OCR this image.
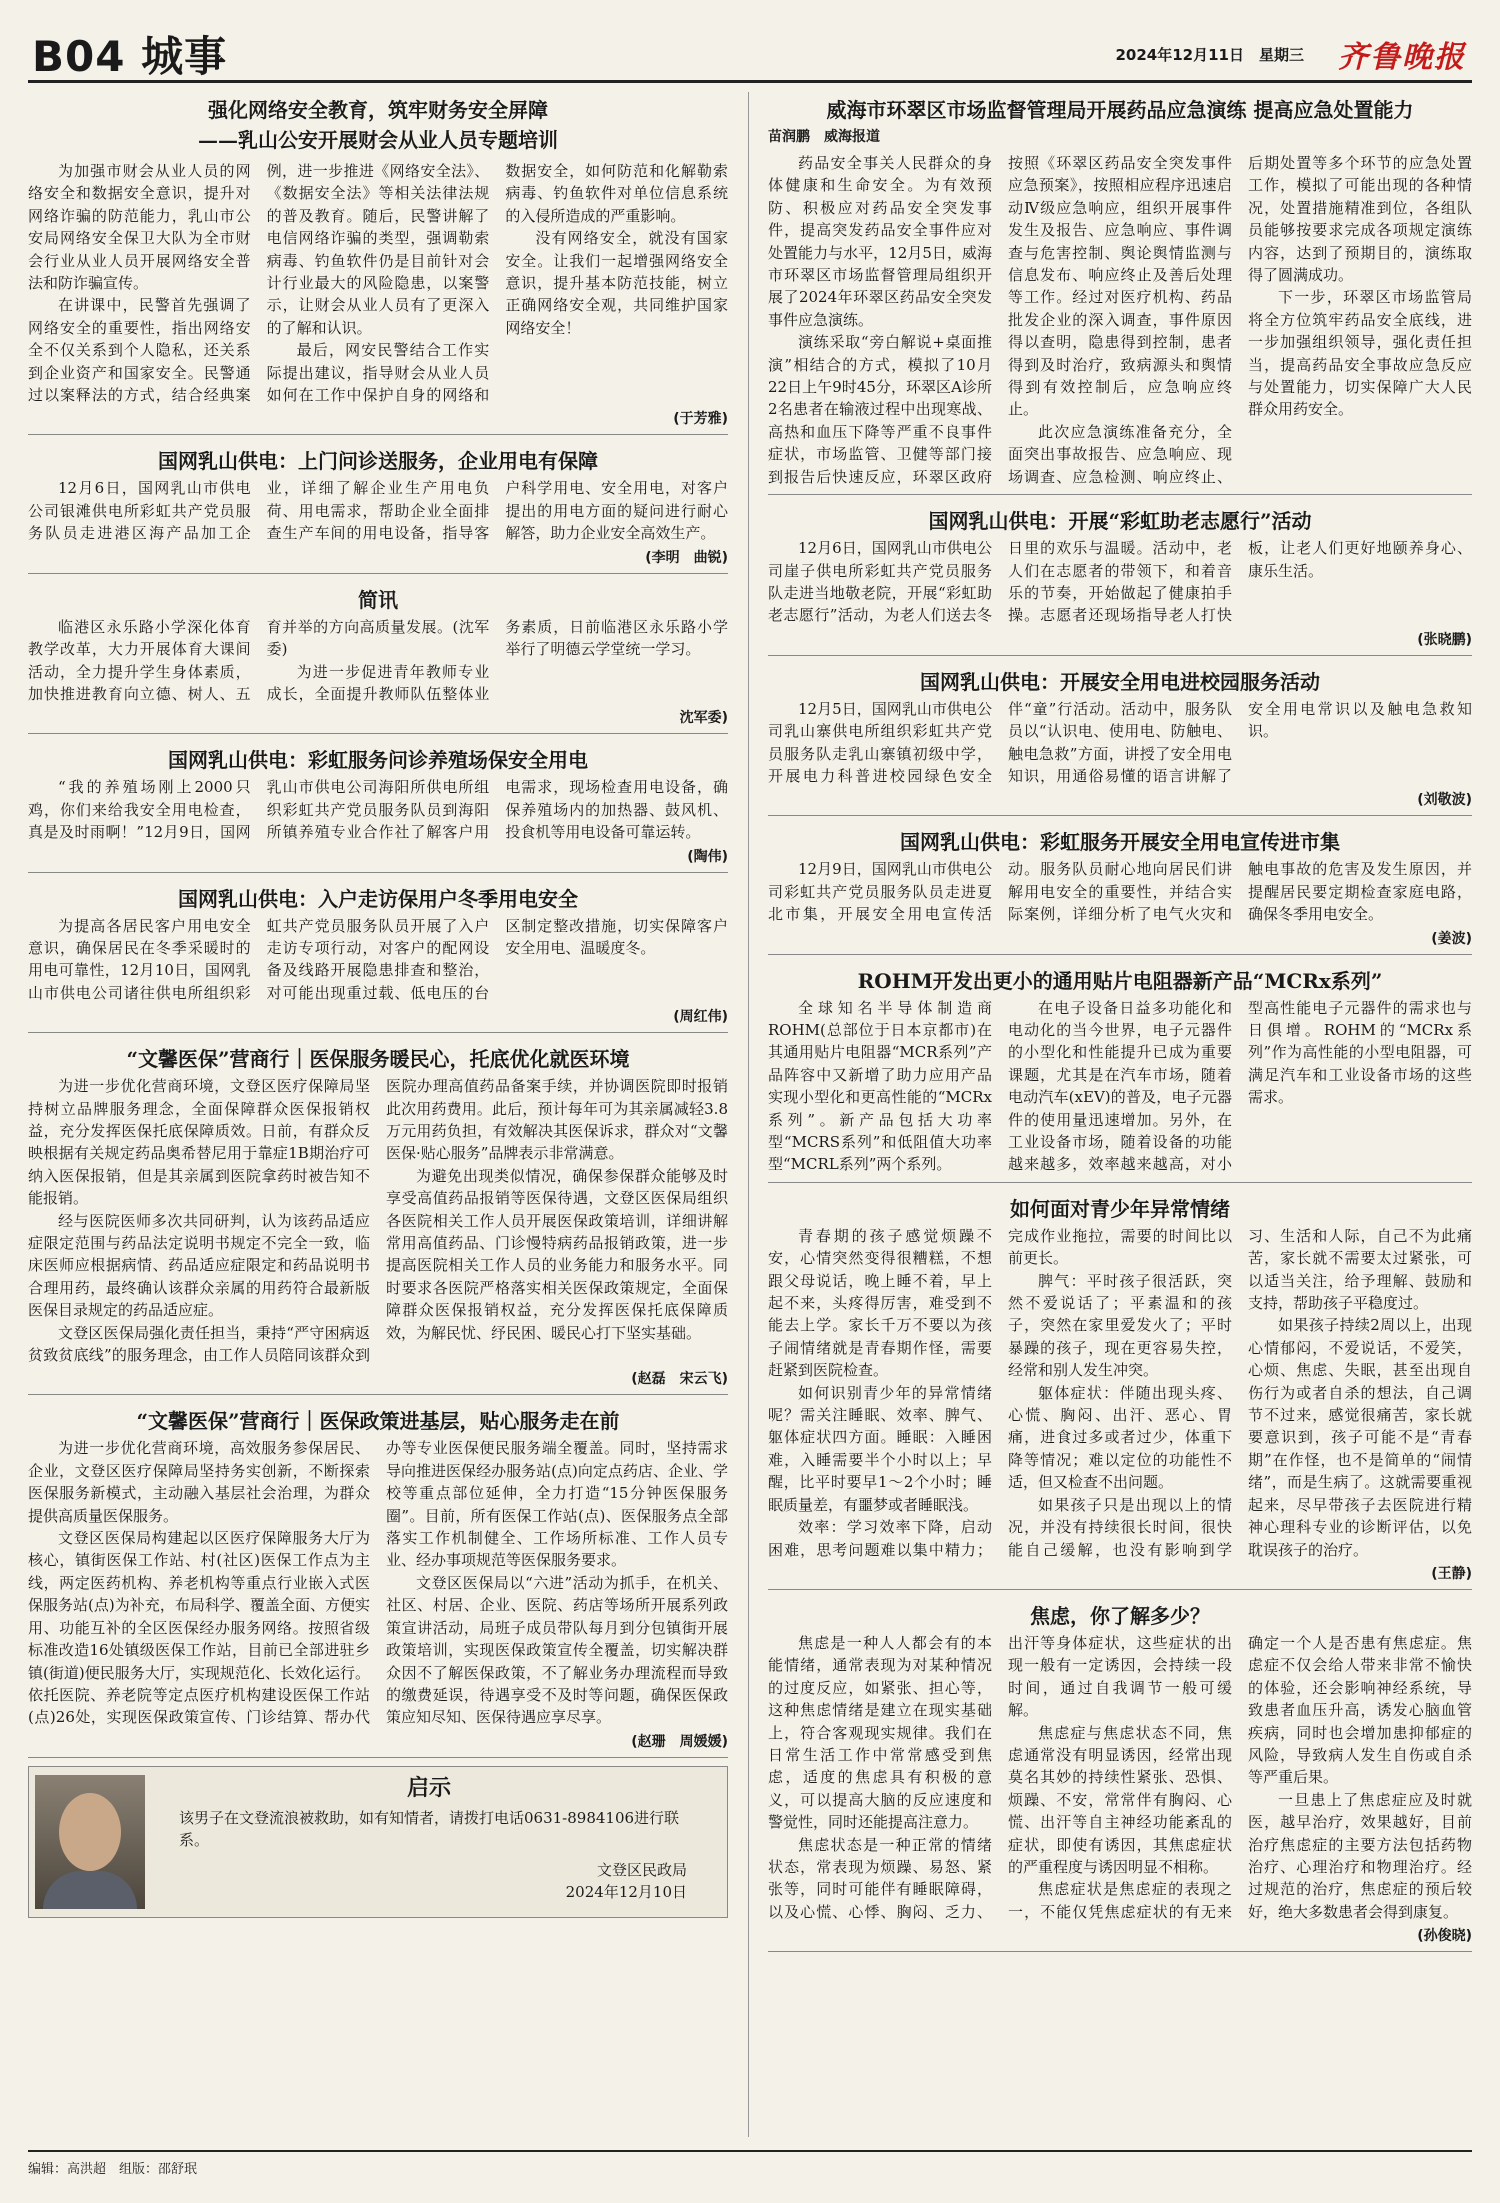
B04 城事	2024年12月11日　星期三 齐鲁晚报
强化网络安全教育，筑牢财务安全屏障
——乳山公安开展财会从业人员专题培训

为加强市财会从业人员的网络安全和数据安全意识，提升对网络诈骗的防范能力，乳山市公安局网络安全保卫大队为全市财会行业从业人员开展网络安全普法和防诈骗宣传。

在讲课中，民警首先强调了网络安全的重要性，指出网络安全不仅关系到个人隐私，还关系到企业资产和国家安全。民警通过以案释法的方式，结合经典案例，进一步推进《网络安全法》、《数据安全法》等相关法律法规的普及教育。随后，民警讲解了电信网络诈骗的类型，强调勒索病毒、钓鱼软件仍是目前针对会计行业最大的风险隐患，以案警示，让财会从业人员有了更深入的了解和认识。

最后，网安民警结合工作实际提出建议，指导财会从业人员如何在工作中保护自身的网络和数据安全，如何防范和化解勒索病毒、钓鱼软件对单位信息系统的入侵所造成的严重影响。

没有网络安全，就没有国家安全。让我们一起增强网络安全意识，提升基本防范技能，树立正确网络安全观，共同维护国家网络安全！

(于芳雅)
国网乳山供电：上门问诊送服务，企业用电有保障

12月6日，国网乳山市供电公司银滩供电所彩虹共产党员服务队员走进港区海产品加工企业，详细了解企业生产用电负荷、用电需求，帮助企业全面排查生产车间的用电设备，指导客户科学用电、安全用电，对客户提出的用电方面的疑问进行耐心解答，助力企业安全高效生产。

(李明　曲锐)
简讯

临港区永乐路小学深化体育教学改革，大力开展体育大课间活动，全力提升学生身体素质，加快推进教育向立德、树人、五育并举的方向高质量发展。(沈军委)

为进一步促进青年教师专业成长，全面提升教师队伍整体业务素质，日前临港区永乐路小学举行了明德云学堂统一学习。

沈军委)
国网乳山供电：彩虹服务问诊养殖场保安全用电

“我的养殖场刚上2000只鸡，你们来给我安全用电检查，真是及时雨啊！”12月9日，国网乳山市供电公司海阳所供电所组织彩虹共产党员服务队员到海阳所镇养殖专业合作社了解客户用电需求，现场检查用电设备，确保养殖场内的加热器、鼓风机、投食机等用电设备可靠运转。

(陶伟)
国网乳山供电：入户走访保用户冬季用电安全

为提高各居民客户用电安全意识，确保居民在冬季采暖时的用电可靠性，12月10日，国网乳山市供电公司诸往供电所组织彩虹共产党员服务队员开展了入户走访专项行动，对客户的配网设备及线路开展隐患排查和整治，对可能出现重过载、低电压的台区制定整改措施，切实保障客户安全用电、温暖度冬。

(周红伟)
“文馨医保”营商行｜医保服务暖民心，托底优化就医环境

为进一步优化营商环境，文登区医疗保障局坚持树立品牌服务理念，全面保障群众医保报销权益，充分发挥医保托底保障质效。日前，有群众反映根据有关规定药品奥希替尼用于靠症1B期治疗可纳入医保报销，但是其亲属到医院拿药时被告知不能报销。

经与医院医师多次共同研判，认为该药品适应症限定范围与药品法定说明书规定不完全一致，临床医师应根据病情、药品适应症限定和药品说明书合理用药，最终确认该群众亲属的用药符合最新版医保目录规定的药品适应症。

文登区医保局强化责任担当，秉持“严守困病返贫致贫底线”的服务理念，由工作人员陪同该群众到医院办理高值药品备案手续，并协调医院即时报销此次用药费用。此后，预计每年可为其亲属减轻3.8万元用药负担，有效解决其医保诉求，群众对“文馨医保·贴心服务”品牌表示非常满意。

为避免出现类似情况，确保参保群众能够及时享受高值药品报销等医保待遇，文登区医保局组织各医院相关工作人员开展医保政策培训，详细讲解常用高值药品、门诊慢特病药品报销政策，进一步提高医院相关工作人员的业务能力和服务水平。同时要求各医院严格落实相关医保政策规定，全面保障群众医保报销权益，充分发挥医保托底保障质效，为解民忧、纾民困、暖民心打下坚实基础。

(赵磊　宋云飞)
“文馨医保”营商行｜医保政策进基层，贴心服务走在前

为进一步优化营商环境，高效服务参保居民、企业，文登区医疗保障局坚持务实创新，不断探索医保服务新模式，主动融入基层社会治理，为群众提供高质量医保服务。

文登区医保局构建起以区医疗保障服务大厅为核心，镇街医保工作站、村(社区)医保工作点为主线，两定医药机构、养老机构等重点行业嵌入式医保服务站(点)为补充，布局科学、覆盖全面、方便实用、功能互补的全区医保经办服务网络。按照省级标准改造16处镇级医保工作站，目前已全部进驻乡镇(街道)便民服务大厅，实现规范化、长效化运行。依托医院、养老院等定点医疗机构建设医保工作站(点)26处，实现医保政策宣传、门诊结算、帮办代办等专业医保便民服务端全覆盖。同时，坚持需求导向推进医保经办服务站(点)向定点药店、企业、学校等重点部位延伸，全力打造“15分钟医保服务圈”。目前，所有医保工作站(点)、医保服务点全部落实工作机制健全、工作场所标准、工作人员专业、经办事项规范等医保服务要求。

文登区医保局以“六进”活动为抓手，在机关、社区、村居、企业、医院、药店等场所开展系列政策宣讲活动，局班子成员带队每月到分包镇街开展政策培训，实现医保政策宣传全覆盖，切实解决群众因不了解医保政策，不了解业务办理流程而导致的缴费延误，待遇享受不及时等问题，确保医保政策应知尽知、医保待遇应享尽享。

(赵珊　周媛媛)
启示
该男子在文登流浪被救助，如有知情者，请拨打电话0631-8984106进行联系。
文登区民政局
2024年12月10日
威海市环翠区市场监督管理局开展药品应急演练 提高应急处置能力
苗润鹏　威海报道

药品安全事关人民群众的身体健康和生命安全。为有效预防、积极应对药品安全突发事件，提高突发药品安全事件应对处置能力与水平，12月5日，威海市环翠区市场监督管理局组织开展了2024年环翠区药品安全突发事件应急演练。

演练采取“旁白解说+桌面推演”相结合的方式，模拟了10月22日上午9时45分，环翠区A诊所2名患者在输液过程中出现寒战、高热和血压下降等严重不良事件症状，市场监管、卫健等部门接到报告后快速反应，环翠区政府按照《环翠区药品安全突发事件应急预案》，按照相应程序迅速启动Ⅳ级应急响应，组织开展事件发生及报告、应急响应、事件调查与危害控制、舆论舆情监测与信息发布、响应终止及善后处理等工作。经过对医疗机构、药品批发企业的深入调查，事件原因得以查明，隐患得到控制，患者得到及时治疗，致病源头和舆情得到有效控制后，应急响应终止。

此次应急演练准备充分，全面突出事故报告、应急响应、现场调查、应急检测、响应终止、后期处置等多个环节的应急处置工作，模拟了可能出现的各种情况，处置措施精准到位，各组队员能够按要求完成各项规定演练内容，达到了预期目的，演练取得了圆满成功。

下一步，环翠区市场监管局将全方位筑牢药品安全底线，进一步加强组织领导，强化责任担当，提高药品安全事故应急反应与处置能力，切实保障广大人民群众用药安全。

国网乳山供电：开展“彩虹助老志愿行”活动

12月6日，国网乳山市供电公司崖子供电所彩虹共产党员服务队走进当地敬老院，开展“彩虹助老志愿行”活动，为老人们送去冬日里的欢乐与温暖。活动中，老人们在志愿者的带领下，和着音乐的节奏，开始做起了健康拍手操。志愿者还现场指导老人打快板，让老人们更好地颐养身心、康乐生活。

(张晓鹏)
国网乳山供电：开展安全用电进校园服务活动

12月5日，国网乳山市供电公司乳山寨供电所组织彩虹共产党员服务队走乳山寨镇初级中学，开展电力科普进校园绿色安全伴“童”行活动。活动中，服务队员以“认识电、使用电、防触电、触电急救”方面，讲授了安全用电知识，用通俗易懂的语言讲解了安全用电常识以及触电急救知识。

(刘敬波)
国网乳山供电：彩虹服务开展安全用电宣传进市集

12月9日，国网乳山市供电公司彩虹共产党员服务队员走进夏北市集，开展安全用电宣传活动。服务队员耐心地向居民们讲解用电安全的重要性，并结合实际案例，详细分析了电气火灾和触电事故的危害及发生原因，并提醒居民要定期检查家庭电路，确保冬季用电安全。

(姜波)
ROHM开发出更小的通用贴片电阻器新产品“MCRx系列”

全球知名半导体制造商ROHM(总部位于日本京都市)在其通用贴片电阻器“MCR系列”产品阵容中又新增了助力应用产品实现小型化和更高性能的“MCRx系列”。新产品包括大功率型“MCRS系列”和低阻值大功率型“MCRL系列”两个系列。

在电子设备日益多功能化和电动化的当今世界，电子元器件的小型化和性能提升已成为重要课题，尤其是在汽车市场，随着电动汽车(xEV)的普及，电子元器件的使用量迅速增加。另外，在工业设备市场，随着设备的功能越来越多，效率越来越高，对小型高性能电子元器件的需求也与日俱增。ROHM的“MCRx系列”作为高性能的小型电阻器，可满足汽车和工业设备市场的这些需求。

如何面对青少年异常情绪

青春期的孩子感觉烦躁不安，心情突然变得很糟糕，不想跟父母说话，晚上睡不着，早上起不来，头疼得厉害，难受到不能去上学。家长千万不要以为孩子闹情绪就是青春期作怪，需要赶紧到医院检查。

如何识别青少年的异常情绪呢？需关注睡眠、效率、脾气、躯体症状四方面。睡眠：入睡困难，入睡需要半个小时以上；早醒，比平时要早1～2个小时；睡眠质量差，有噩梦或者睡眠浅。

效率：学习效率下降，启动困难，思考问题难以集中精力；完成作业拖拉，需要的时间比以前更长。

脾气：平时孩子很活跃，突然不爱说话了；平素温和的孩子，突然在家里爱发火了；平时暴躁的孩子，现在更容易失控，经常和别人发生冲突。

躯体症状：伴随出现头疼、心慌、胸闷、出汗、恶心、胃痛，进食过多或者过少，体重下降等情况；难以定位的功能性不适，但又检查不出问题。

如果孩子只是出现以上的情况，并没有持续很长时间，很快能自己缓解，也没有影响到学习、生活和人际，自己不为此痛苦，家长就不需要太过紧张，可以适当关注，给予理解、鼓励和支持，帮助孩子平稳度过。

如果孩子持续2周以上，出现心情郁闷，不爱说话，不爱笑，心烦、焦虑、失眠，甚至出现自伤行为或者自杀的想法，自己调节不过来，感觉很痛苦，家长就要意识到，孩子可能不是“青春期”在作怪，也不是简单的“闹情绪”，而是生病了。这就需要重视起来，尽早带孩子去医院进行精神心理科专业的诊断评估，以免耽误孩子的治疗。

(王静)
焦虑，你了解多少？

焦虑是一种人人都会有的本能情绪，通常表现为对某种情况的过度反应，如紧张、担心等，这种焦虑情绪是建立在现实基础上，符合客观现实规律。我们在日常生活工作中常常感受到焦虑，适度的焦虑具有积极的意义，可以提高大脑的反应速度和警觉性，同时还能提高注意力。

焦虑状态是一种正常的情绪状态，常表现为烦躁、易怒、紧张等，同时可能伴有睡眠障碍，以及心慌、心悸、胸闷、乏力、出汗等身体症状，这些症状的出现一般有一定诱因，会持续一段时间，通过自我调节一般可缓解。

焦虑症与焦虑状态不同，焦虑通常没有明显诱因，经常出现莫名其妙的持续性紧张、恐惧、烦躁、不安，常常伴有胸闷、心慌、出汗等自主神经功能紊乱的症状，即使有诱因，其焦虑症状的严重程度与诱因明显不相称。

焦虑症状是焦虑症的表现之一，不能仅凭焦虑症状的有无来确定一个人是否患有焦虑症。焦虑症不仅会给人带来非常不愉快的体验，还会影响神经系统，导致患者血压升高，诱发心脑血管疾病，同时也会增加患抑郁症的风险，导致病人发生自伤或自杀等严重后果。

一旦患上了焦虑症应及时就医，越早治疗，效果越好，目前治疗焦虑症的主要方法包括药物治疗、心理治疗和物理治疗。经过规范的治疗，焦虑症的预后较好，绝大多数患者会得到康复。

(孙俊晓)
编辑：高洪超　组版：邵舒珉
